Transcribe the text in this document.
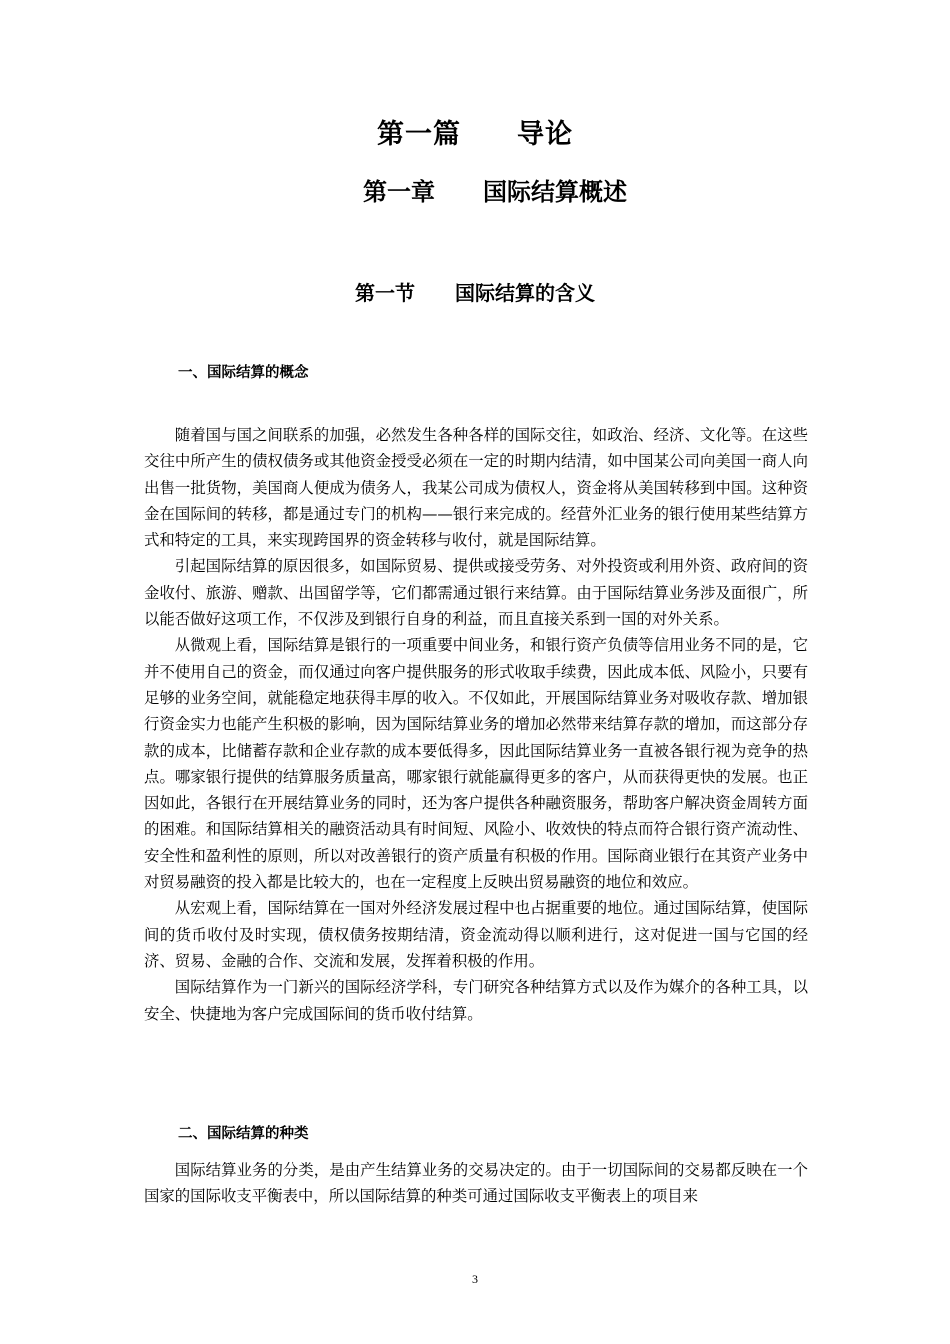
第一篇　　导论
第一章　　国际结算概述
第一节　　国际结算的含义
一、国际结算的概念

随着国与国之间联系的加强，必然发生各种各样的国际交往，如政治、经济、文化等。在这些交往中所产生的债权债务或其他资金授受必须在一定的时期内结清，如中国某公司向美国一商人向出售一批货物，美国商人便成为债务人，我某公司成为债权人，资金将从美国转移到中国。这种资金在国际间的转移，都是通过专门的机构——银行来完成的。经营外汇业务的银行使用某些结算方式和特定的工具，来实现跨国界的资金转移与收付，就是国际结算。

引起国际结算的原因很多，如国际贸易、提供或接受劳务、对外投资或利用外资、政府间的资金收付、旅游、赠款、出国留学等，它们都需通过银行来结算。由于国际结算业务涉及面很广，所以能否做好这项工作，不仅涉及到银行自身的利益，而且直接关系到一国的对外关系。

从微观上看，国际结算是银行的一项重要中间业务，和银行资产负债等信用业务不同的是，它并不使用自己的资金，而仅通过向客户提供服务的形式收取手续费，因此成本低、风险小，只要有足够的业务空间，就能稳定地获得丰厚的收入。不仅如此，开展国际结算业务对吸收存款、增加银行资金实力也能产生积极的影响，因为国际结算业务的增加必然带来结算存款的增加，而这部分存款的成本，比储蓄存款和企业存款的成本要低得多，因此国际结算业务一直被各银行视为竞争的热点。哪家银行提供的结算服务质量高，哪家银行就能赢得更多的客户，从而获得更快的发展。也正因如此，各银行在开展结算业务的同时，还为客户提供各种融资服务，帮助客户解决资金周转方面的困难。和国际结算相关的融资活动具有时间短、风险小、收效快的特点而符合银行资产流动性、安全性和盈利性的原则，所以对改善银行的资产质量有积极的作用。国际商业银行在其资产业务中对贸易融资的投入都是比较大的，也在一定程度上反映出贸易融资的地位和效应。

从宏观上看，国际结算在一国对外经济发展过程中也占据重要的地位。通过国际结算，使国际间的货币收付及时实现，债权债务按期结清，资金流动得以顺利进行，这对促进一国与它国的经济、贸易、金融的合作、交流和发展，发挥着积极的作用。

国际结算作为一门新兴的国际经济学科，专门研究各种结算方式以及作为媒介的各种工具，以安全、快捷地为客户完成国际间的货币收付结算。

二、国际结算的种类

国际结算业务的分类，是由产生结算业务的交易决定的。由于一切国际间的交易都反映在一个国家的国际收支平衡表中，所以国际结算的种类可通过国际收支平衡表上的项目来

3
